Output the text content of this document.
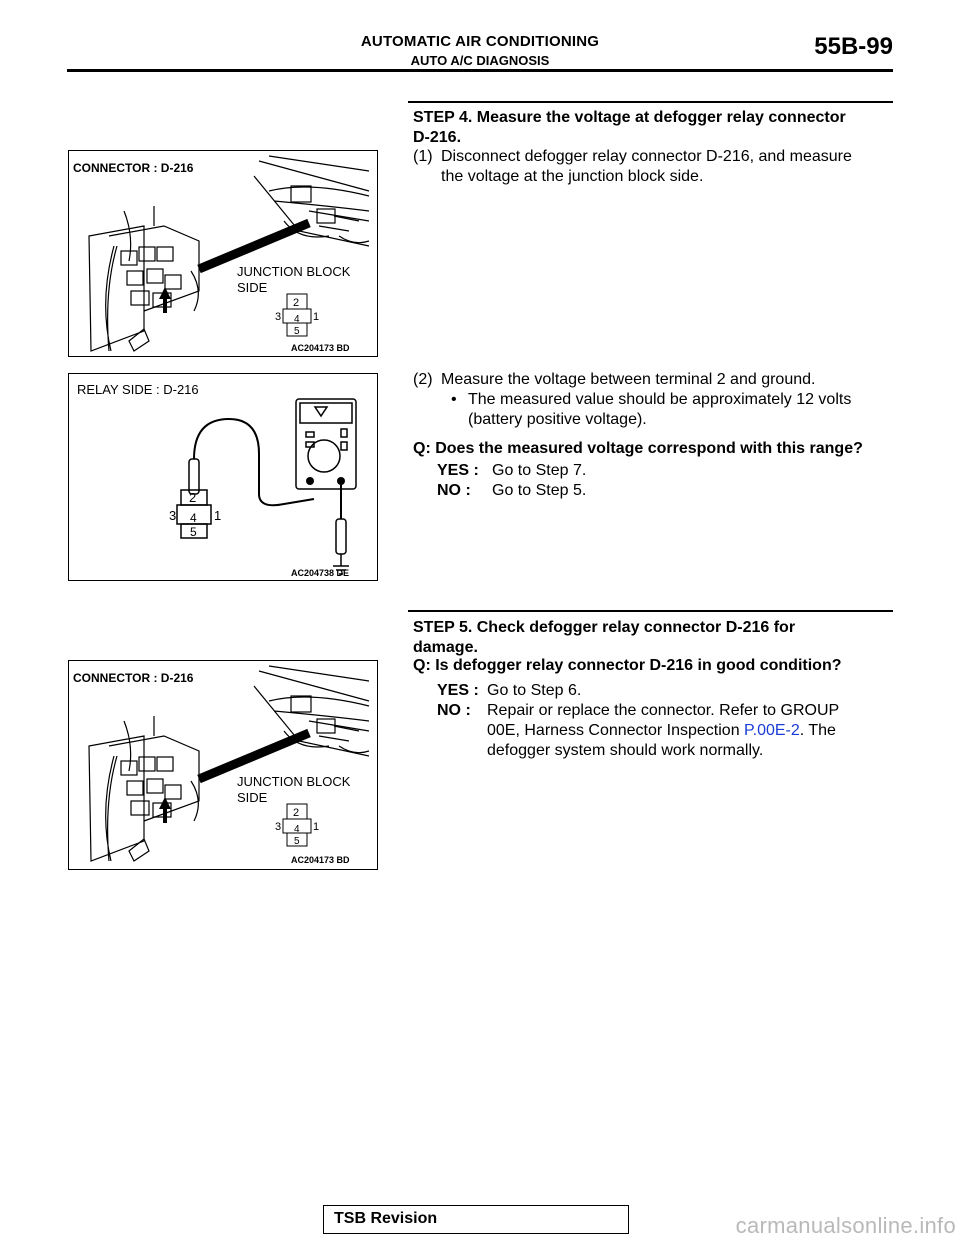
AUTOMATIC AIR CONDITIONING
AUTO A/C DIAGNOSIS
55B-99
CONNECTOR : D-216
JUNCTION BLOCK
SIDE
2
3 4 1
5
AC204173 BD
RELAY SIDE : D-216
2
3 4 1
5
AC204738 DE
CONNECTOR : D-216
JUNCTION BLOCK
SIDE
2
3 4 1
5
AC204173 BD
STEP 4. Measure the voltage at defogger relay connector
D-216.
(1) Disconnect defogger relay connector D-216, and measure
the voltage at the junction block side.
(2) Measure the voltage between terminal 2 and ground.
• The measured value should be approximately 12 volts
(battery positive voltage).
Q: Does the measured voltage correspond with this range?
YES : Go to Step 7.
NO : Go to Step 5.
STEP 5. Check defogger relay connector D-216 for
damage.
Q: Is defogger relay connector D-216 in good condition?
YES : Go to Step 6.
NO : Repair or replace the connector. Refer to GROUP
00E, Harness Connector Inspection P.00E-2. The
defogger system should work normally.
TSB Revision	carmanualsonline.info
